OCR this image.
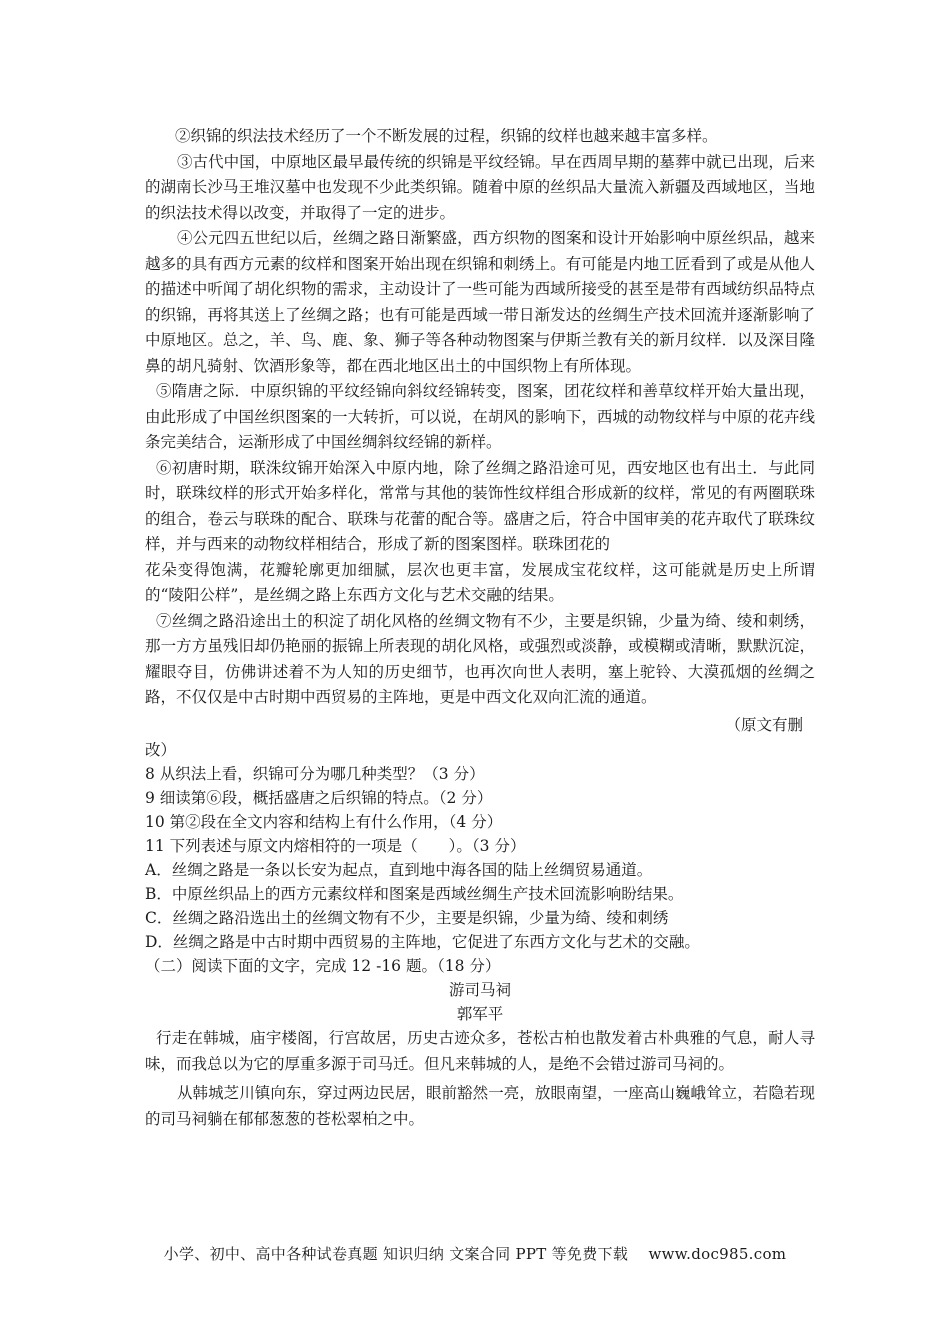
②织锦的织法技术经历了一个不断发展的过程，织锦的纹样也越来越丰富多样。

③古代中国，中原地区最早最传统的织锦是平纹经锦。早在西周早期的墓葬中就已出现，后来的湖南长沙马王堆汉墓中也发现不少此类织锦。随着中原的丝织品大量流入新疆及西域地区，当地的织法技术得以改变，并取得了一定的进步。

④公元四五世纪以后，丝绸之路日渐繁盛，西方织物的图案和设计开始影响中原丝织品，越来越多的具有西方元素的纹样和图案开始出现在织锦和刺绣上。有可能是内地工匠看到了或是从他人的描述中听闻了胡化织物的需求，主动设计了一些可能为西域所接受的甚至是带有西域纺织品特点的织锦，再将其送上了丝绸之路；也有可能是西域一带日渐发达的丝绸生产技术回流并逐渐影响了中原地区。总之，羊、鸟、鹿、象、狮子等各种动物图案与伊斯兰教有关的新月纹样．以及深目隆鼻的胡凡骑射、饮酒形象等，都在西北地区出土的中国织物上有所体现。

⑤隋唐之际．中原织锦的平纹经锦向斜纹经锦转变，图案，团花纹样和善草纹样开始大量出现，由此形成了中国丝织图案的一大转折，可以说，在胡风的影响下，西城的动物纹样与中原的花卉线条完美结合，运渐形成了中国丝绸斜纹经锦的新样。

⑥初唐时期，联洙纹锦开始深入中原内地，除了丝绸之路沿途可见，西安地区也有出土．与此同时，联珠纹样的形式开始多样化，常常与其他的装饰性纹样组合形成新的纹样，常见的有两圈联珠的组合，卷云与联珠的配合、联珠与花蕾的配合等。盛唐之后，符合中国审美的花卉取代了联珠纹样，并与西来的动物纹样相结合，形成了新的图案图样。联珠团花的

花朵变得饱满，花瓣轮廓更加细腻，层次也更丰富，发展成宝花纹样，这可能就是历史上所谓的“陵阳公样”，是丝绸之路上东西方文化与艺术交融的结果。

⑦丝绸之路沿途出土的积淀了胡化风格的丝绸文物有不少，主要是织锦，少量为绮、绫和刺绣，那一方方虽残旧却仍艳丽的振锦上所表现的胡化风格，或强烈或淡静，或模糊或清晰，默默沉淀，耀眼夺目，仿佛讲述着不为人知的历史细节，也再次向世人表明，塞上驼铃、大漠孤烟的丝绸之路，不仅仅是中古时期中西贸易的主阵地，更是中西文化双向汇流的通道。

（原文有删

改）

8 从织法上看，织锦可分为哪几种类型？（3 分）

9 细读第⑥段，概括盛唐之后织锦的特点。（2 分）

10 第②段在全文内容和结构上有什么作用，（4 分）

11 下列表述与原文内熔相符的一项是（　　）。（3 分）

A．丝绸之路是一条以长安为起点，直到地中海各国的陆上丝绸贸易通道。

B．中原丝织品上的西方元素纹样和图案是西域丝绸生产技术回流影响盼结果。

C．丝绸之路沿选出土的丝绸文物有不少，主要是织锦，少量为绮、绫和刺绣

D．丝绸之路是中古时期中西贸易的主阵地，它促进了东西方文化与艺术的交融。

（二）阅读下面的文字，完成 12 -16 题。（18 分）

游司马祠

郭军平

行走在韩城，庙宇楼阁，行宫故居，历史古迹众多，苍松古柏也散发着古朴典雅的气息，耐人寻味，而我总以为它的厚重多源于司马迁。但凡来韩城的人，是绝不会错过游司马祠的。

从韩城芝川镇向东，穿过两边民居，眼前豁然一亮，放眼南望，一座高山巍峨耸立，若隐若现的司马祠躺在郁郁葱葱的苍松翠柏之中。

小学、初中、高中各种试卷真题 知识归纳 文案合同 PPT 等免费下载　 www.doc985.com
